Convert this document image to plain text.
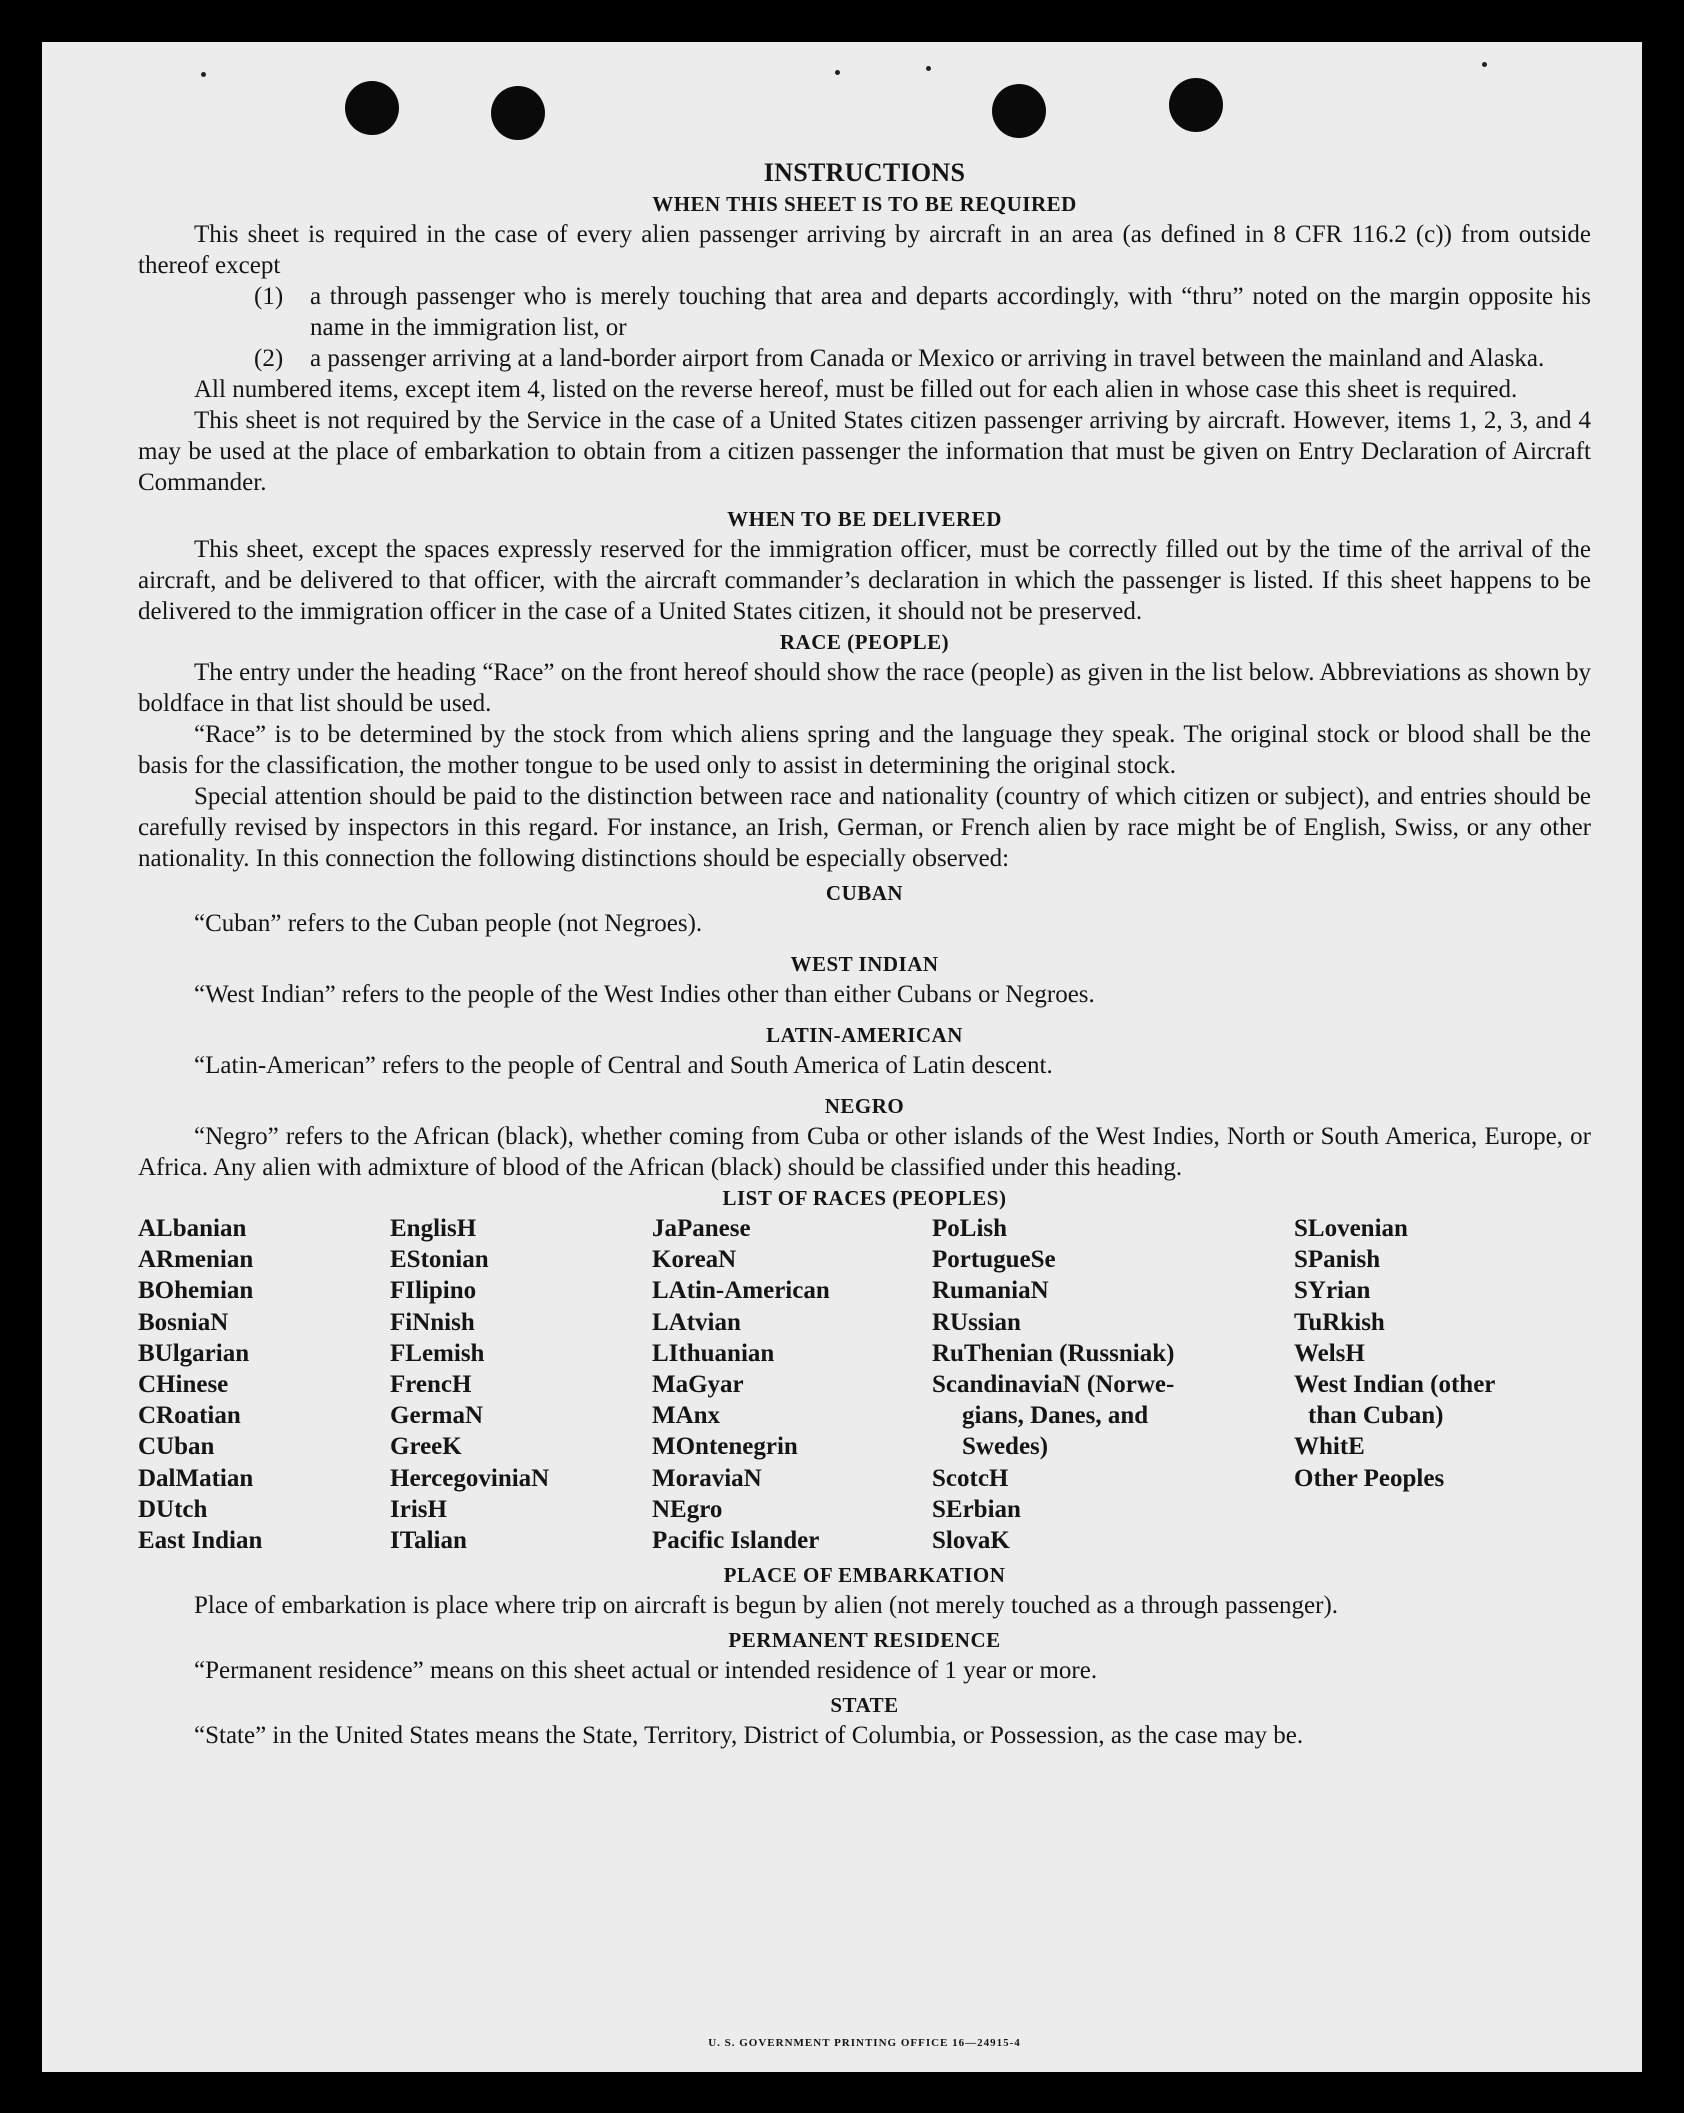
INSTRUCTIONS
WHEN THIS SHEET IS TO BE REQUIRED

This sheet is required in the case of every alien passenger arriving by aircraft in an area (as defined in 8 CFR 116.2 (c)) from outside thereof except

(1) a through passenger who is merely touching that area and departs accordingly, with “thru” noted on the margin opposite his name in the immigration list, or
(2) a passenger arriving at a land-border airport from Canada or Mexico or arriving in travel between the mainland and Alaska.

All numbered items, except item 4, listed on the reverse hereof, must be filled out for each alien in whose case this sheet is required.

This sheet is not required by the Service in the case of a United States citizen passenger arriving by aircraft. However, items 1, 2, 3, and 4 may be used at the place of embarkation to obtain from a citizen passenger the information that must be given on Entry Declaration of Aircraft Commander.

WHEN TO BE DELIVERED

This sheet, except the spaces expressly reserved for the immigration officer, must be correctly filled out by the time of the arrival of the aircraft, and be delivered to that officer, with the aircraft commander’s declaration in which the passenger is listed. If this sheet happens to be delivered to the immigration officer in the case of a United States citizen, it should not be preserved.

RACE (PEOPLE)

The entry under the heading “Race” on the front hereof should show the race (people) as given in the list below. Abbreviations as shown by boldface in that list should be used.

“Race” is to be determined by the stock from which aliens spring and the language they speak. The original stock or blood shall be the basis for the classification, the mother tongue to be used only to assist in determining the original stock.

Special attention should be paid to the distinction between race and nationality (country of which citizen or subject), and entries should be carefully revised by inspectors in this regard. For instance, an Irish, German, or French alien by race might be of English, Swiss, or any other nationality. In this connection the following distinctions should be especially observed:

CUBAN

“Cuban” refers to the Cuban people (not Negroes).

WEST INDIAN

“West Indian” refers to the people of the West Indies other than either Cubans or Negroes.

LATIN-AMERICAN

“Latin-American” refers to the people of Central and South America of Latin descent.

NEGRO

“Negro” refers to the African (black), whether coming from Cuba or other islands of the West Indies, North or South America, Europe, or Africa. Any alien with admixture of blood of the African (black) should be classified under this heading.

LIST OF RACES (PEOPLES)
ALbanian
ARmenian
BOhemian
BosniaN
BUlgarian
CHinese
CRoatian
CUban
DalMatian
DUtch
East Indian
EnglisH
EStonian
FIlipino
FiNnish
FLemish
FrencH
GermaN
GreeK
HercegoviniaN
IrisH
ITalian
JaPanese
KoreaN
LAtin-American
LAtvian
LIthuanian
MaGyar
MAnx
MOntenegrin
MoraviaN
NEgro
Pacific Islander
PoLish
PortugueSe
RumaniaN
RUssian
RuThenian (Russniak)
ScandinaviaN (Norwe-
gians, Danes, and
Swedes)
ScotcH
SErbian
SlovaK
SLovenian
SPanish
SYrian
TuRkish
WelsH
West Indian (other
than Cuban)
WhitE
Other Peoples
PLACE OF EMBARKATION

Place of embarkation is place where trip on aircraft is begun by alien (not merely touched as a through passenger).

PERMANENT RESIDENCE

“Permanent residence” means on this sheet actual or intended residence of 1 year or more.

STATE

“State” in the United States means the State, Territory, District of Columbia, or Possession, as the case may be.

U. S. GOVERNMENT PRINTING OFFICE 16—24915-4
